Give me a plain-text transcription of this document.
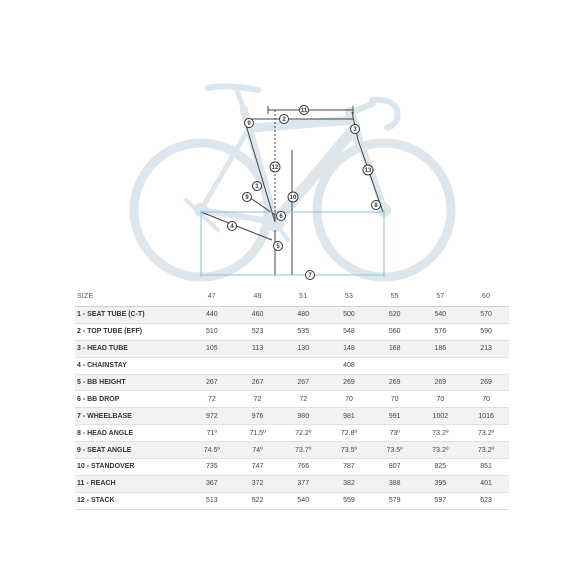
11
2
3
9
12	13
1
10
9
8
6
4
5
7
SIZE	47	48	51	53	55	57	60
1 - SEAT TUBE (C-T)	440	460	480	500	520	540	570
2 - TOP TUBE (EFF)	510	523	535	548	560	576	590
3 - HEAD TUBE	105	113	130	148	168	186	213
4 - CHAINSTAY				408			
5 - BB HEIGHT	267	267	267	269	269	269	269
6 - BB DROP	72	72	72	70	70	70	70
7 - WHEELBASE	972	976	980	981	991	1002	1016
8 - HEAD ANGLE	71º	71.5º	72.2º	72.8º	73º	73.2º	73.2º
9 - SEAT ANGLE	74.5º	74º	73.7º	73.5º	73.5º	73.2º	73.2º
10 - STANDOVER	735	747	766	787	807	825	851
11 - REACH	367	372	377	382	388	395	401
12 - STACK	513	522	540	559	579	597	623
